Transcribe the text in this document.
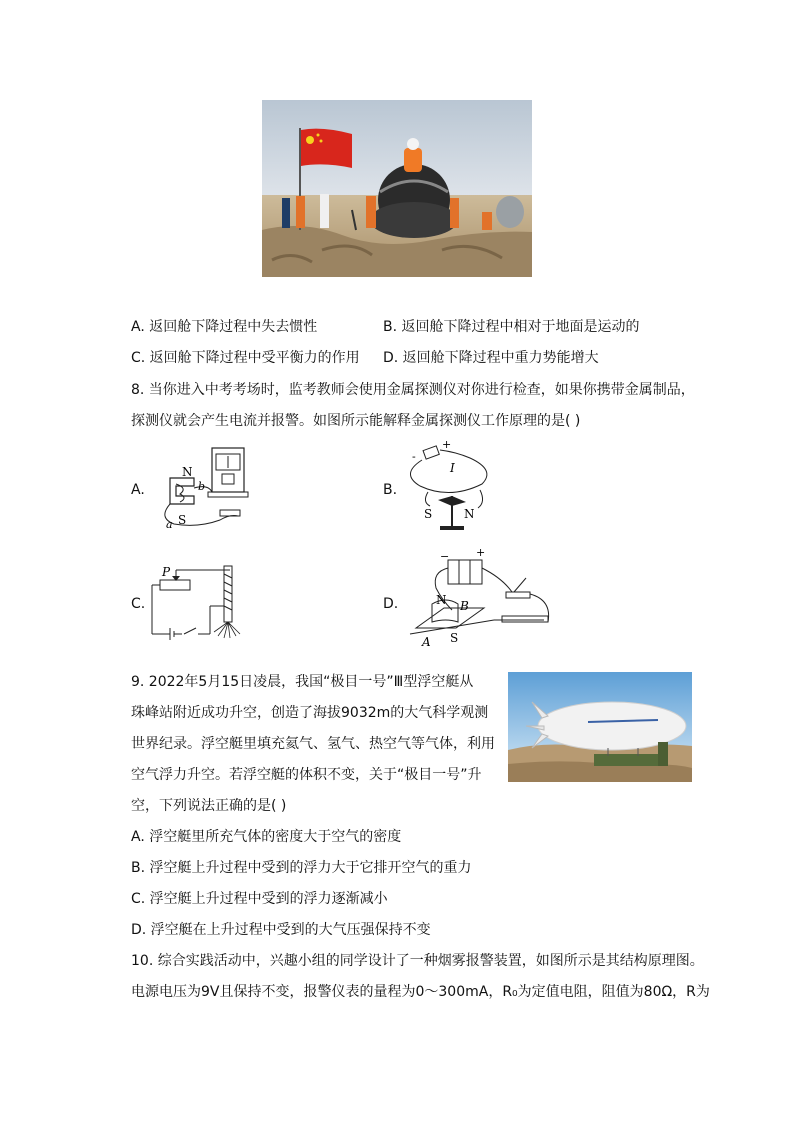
A. 返回舱下降过程中失去惯性	B. 返回舱下降过程中相对于地面是运动的
C. 返回舱下降过程中受平衡力的作用 D. 返回舱下降过程中重力势能增大
8. 当你进入中考考场时，监考教师会使用金属探测仪对你进行检查，如果你携带金属制品，
探测仪就会产生电流并报警。如图所示能解释金属探测仪工作原理的是( )
A.	B.
C.	D.
N
b
S
a
-
+
I
S	N
P
− +
N B
S
A
9. 2022年5月15日凌晨，我国“极目一号”Ⅲ型浮空艇从
珠峰站附近成功升空，创造了海拔9032m的大气科学观测
世界纪录。浮空艇里填充氦气、氢气、热空气等气体，利用
空气浮力升空。若浮空艇的体积不变，关于“极目一号”升
空，下列说法正确的是( )
A. 浮空艇里所充气体的密度大于空气的密度
B. 浮空艇上升过程中受到的浮力大于它排开空气的重力
C. 浮空艇上升过程中受到的浮力逐渐减小
D. 浮空艇在上升过程中受到的大气压强保持不变
10. 综合实践活动中，兴趣小组的同学设计了一种烟雾报警装置，如图所示是其结构原理图。
电源电压为9V且保持不变，报警仪表的量程为0～300mA，R₀为定值电阻，阻值为80Ω，R为
